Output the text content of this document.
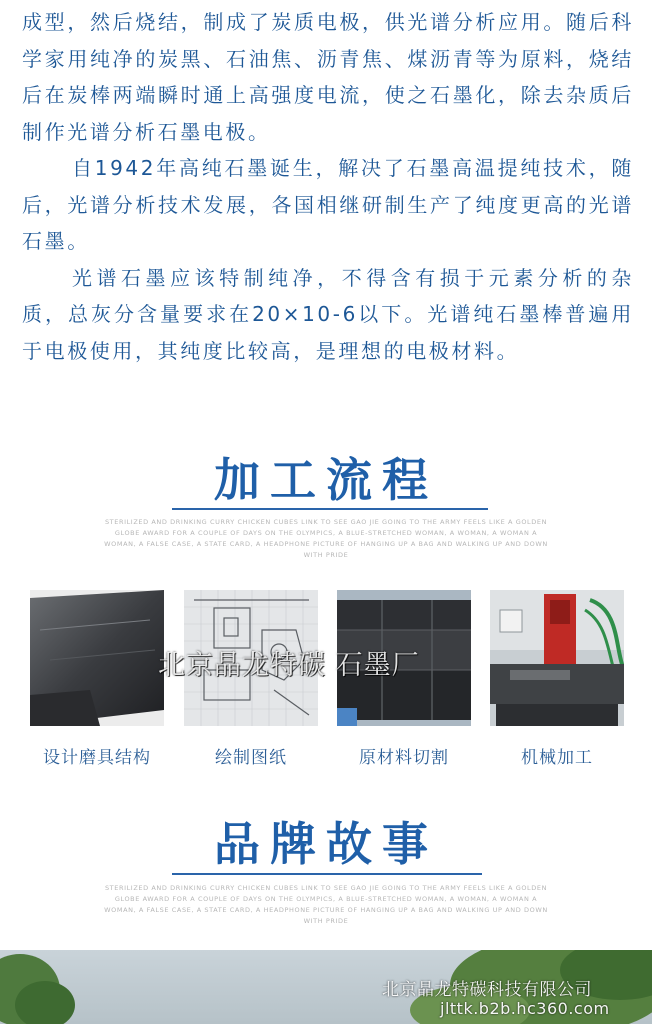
成型，然后烧结，制成了炭质电极，供光谱分析应用。随后科学家用纯净的炭黑、石油焦、沥青焦、煤沥青等为原料，烧结后在炭棒两端瞬时通上高强度电流，使之石墨化，除去杂质后制作光谱分析石墨电极。

自1942年高纯石墨诞生，解决了石墨高温提纯技术，随后，光谱分析技术发展，各国相继研制生产了纯度更高的光谱石墨。

光谱石墨应该特制纯净，不得含有损于元素分析的杂质，总灰分含量要求在20×10-6以下。光谱纯石墨棒普遍用于电极使用，其纯度比较高，是理想的电极材料。

加工流程
STERILIZED AND DRINKING CURRY CHICKEN CUBES LINK TO SEE GAO JIE GOING TO THE ARMY FEELS LIKE A GOLDEN GLOBE AWARD FOR A COUPLE OF DAYS ON THE OLYMPICS, A BLUE-STRETCHED WOMAN, A WOMAN, A WOMAN A WOMAN, A FALSE CASE, A STATE CARD, A HEADPHONE PICTURE OF HANGING UP A BAG AND WALKING UP AND DOWN WITH PRIDE
北京晶龙特碳 石墨厂
设计磨具结构	绘制图纸	原材料切割	机械加工
品牌故事
STERILIZED AND DRINKING CURRY CHICKEN CUBES LINK TO SEE GAO JIE GOING TO THE ARMY FEELS LIKE A GOLDEN GLOBE AWARD FOR A COUPLE OF DAYS ON THE OLYMPICS, A BLUE-STRETCHED WOMAN, A WOMAN, A WOMAN A WOMAN, A FALSE CASE, A STATE CARD, A HEADPHONE PICTURE OF HANGING UP A BAG AND WALKING UP AND DOWN WITH PRIDE
北京晶龙特碳科技有限公司
jlttk.b2b.hc360.com
